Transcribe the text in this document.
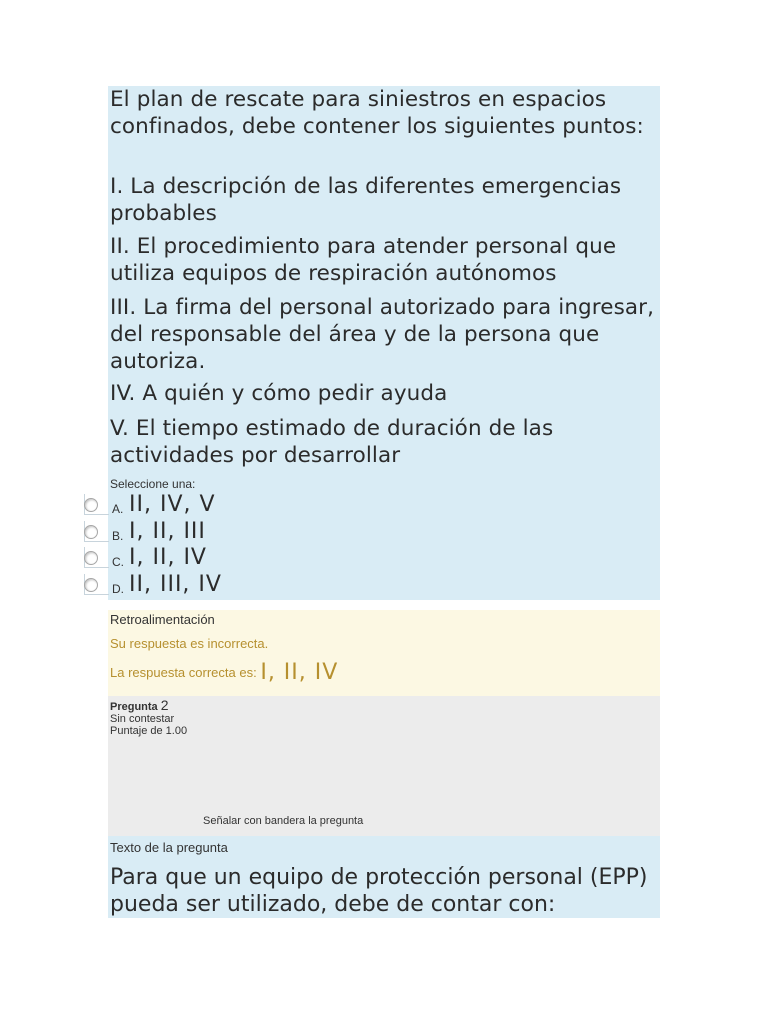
El plan de rescate para siniestros en espacios confinados, debe contener los siguientes puntos:

I. La descripción de las diferentes emergencias probables

II. El procedimiento para atender personal que utiliza equipos de respiración autónomos

III. La firma del personal autorizado para ingresar, del responsable del área y de la persona que autoriza.

IV. A quién y cómo pedir ayuda

V. El tiempo estimado de duración de las actividades por desarrollar

Seleccione una:
A. II, IV, V
B. I, II, III
C. I, II, IV
D. II, III, IV
Retroalimentación
Su respuesta es incorrecta.
La respuesta correcta es: I, II, IV
Pregunta 2
Sin contestar
Puntaje de 1.00
Señalar con bandera la pregunta
Texto de la pregunta

Para que un equipo de protección personal (EPP) pueda ser utilizado, debe de contar con:
